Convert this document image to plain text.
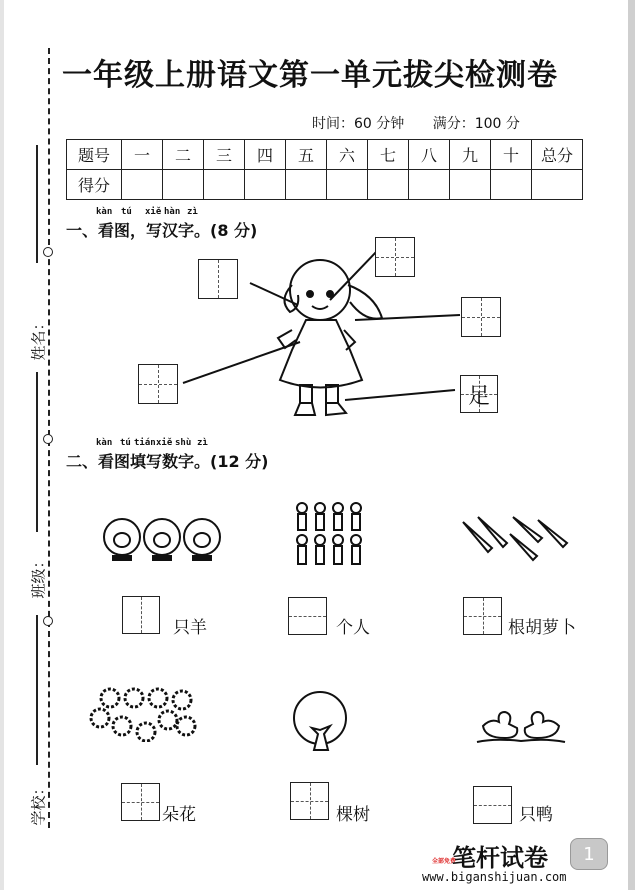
姓名：
班级：
学校：
一年级上册语文第一单元拔尖检测卷
时间：60 分钟 满分：100 分
题号	一	二	三	四	五	六	七	八	九	十	总分
得分											
kàn tú xiě hàn zì
一、看图，写汉字。(8 分)
足
kàn tú tián xiě shù zì
二、看图填写数字。(12 分)
只羊	个人	根胡萝卜
朵花	棵树	只鸭
全部免费
笔杆试卷
www.biganshijuan.com
1
